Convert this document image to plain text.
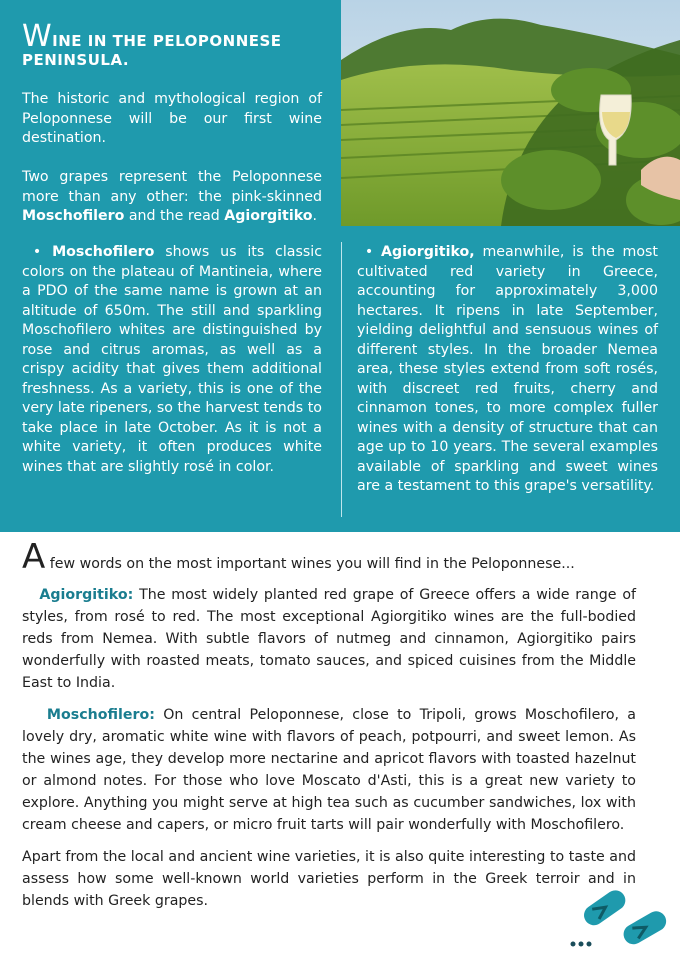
WINE IN THE PELOPONNESE PENINSULA.

The historic and mythological region of Peloponnese will be our first wine destination.

Two grapes represent the Peloponnese more than any other: the pink-skinned Moschofilero and the read Agiorgitiko.

• Moschofilero shows us its classic colors on the plateau of Mantineia, where a PDO of the same name is grown at an altitude of 650m. The still and sparkling Moschofilero whites are distinguished by rose and citrus aromas, as well as a crispy acidity that gives them additional freshness. As a variety, this is one of the very late ripeners, so the harvest tends to take place in late October. As it is not a white variety, it often produces white wines that are slightly rosé in color.

• Agiorgitiko, meanwhile, is the most cultivated red variety in Greece, accounting for approximately 3,000 hectares. It ripens in late September, yielding delightful and sensuous wines of different styles. In the broader Nemea area, these styles extend from soft rosés, with discreet red fruits, cherry and cinnamon tones, to more complex fuller wines with a density of structure that can age up to 10 years. The several examples available of sparkling and sweet wines are a testament to this grape's versatility.

A few words on the most important wines you will find in the Peloponnese...

Agiorgitiko: The most widely planted red grape of Greece offers a wide range of styles, from rosé to red. The most exceptional Agiorgitiko wines are the full-bodied reds from Nemea. With subtle flavors of nutmeg and cinnamon, Agiorgitiko pairs wonderfully with roasted meats, tomato sauces, and spiced cuisines from the Middle East to India.

Moschofilero: On central Peloponnese, close to Tripoli, grows Moschofilero, a lovely dry, aromatic white wine with flavors of peach, potpourri, and sweet lemon. As the wines age, they develop more nectarine and apricot flavors with toasted hazelnut or almond notes. For those who love Moscato d'Asti, this is a great new variety to explore. Anything you might serve at high tea such as cucumber sandwiches, lox with cream cheese and capers, or micro fruit tarts will pair wonderfully with Moschofilero.

Apart from the local and ancient wine varieties, it is also quite interesting to taste and assess how some well-known world varieties perform in the Greek terroir and in blends with Greek grapes.
